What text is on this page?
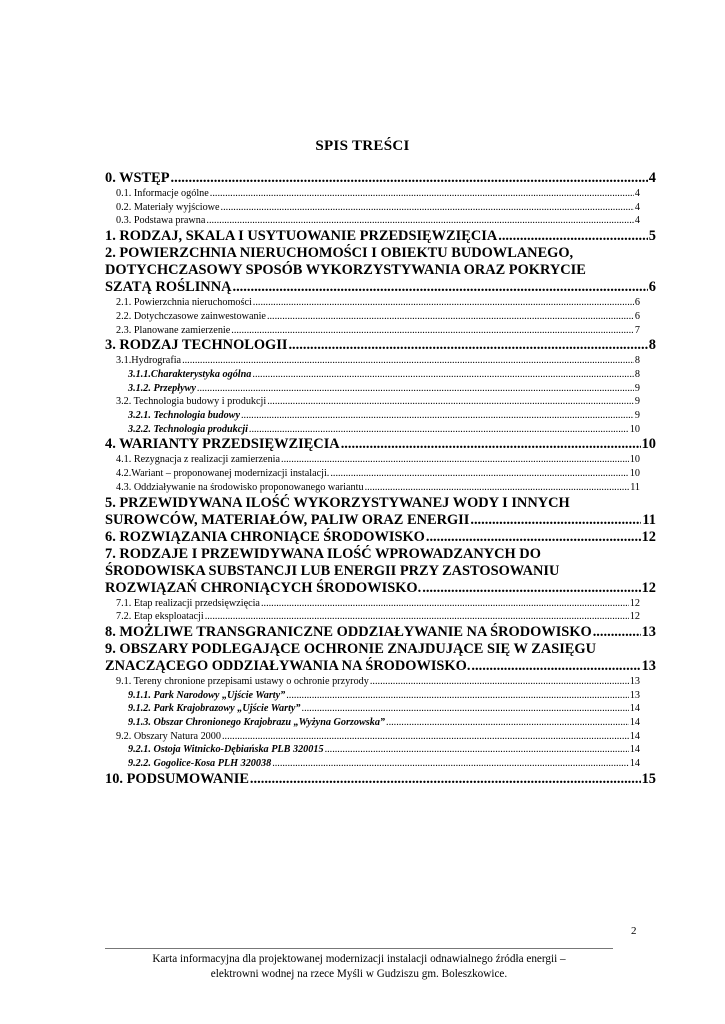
SPIS TREŚCI
0. WSTĘP .....	4
0.1. Informacje ogólne .....	4
0.2. Materiały wyjściowe .....	4
0.3. Podstawa prawna .....	4
1. RODZAJ, SKALA I USYTUOWANIE PRZEDSIĘWZIĘCIA .....	5
2. POWIERZCHNIA NIERUCHOMOŚCI I OBIEKTU BUDOWLANEGO,
DOTYCHCZASOWY SPOSÓB WYKORZYSTYWANIA ORAZ POKRYCIE
SZATĄ ROŚLINNĄ .....	6
2.1. Powierzchnia nieruchomości .....	6
2.2. Dotychczasowe zainwestowanie .....	6
2.3. Planowane zamierzenie .....	7
3. RODZAJ TECHNOLOGII .....	8
3.1.Hydrografia .....	8
3.1.1.Charakterystyka ogólna .....	8
3.1.2. Przepływy .....	9
3.2. Technologia budowy i produkcji .....	9
3.2.1. Technologia budowy .....	9
3.2.2. Technologia produkcji .....	10
4. WARIANTY PRZEDSIĘWZIĘCIA .....	10
4.1. Rezygnacja z realizacji zamierzenia .....	10
4.2.Wariant – proponowanej modernizacji instalacji. .....	10
4.3. Oddziaływanie na środowisko proponowanego wariantu .....	11
5. PRZEWIDYWANA ILOŚĆ WYKORZYSTYWANEJ WODY I INNYCH
SUROWCÓW, MATERIAŁÓW, PALIW ORAZ ENERGII .....	11
6. ROZWIĄZANIA CHRONIĄCE ŚRODOWISKO .....	12
7. RODZAJE I PRZEWIDYWANA ILOŚĆ WPROWADZANYCH DO
ŚRODOWISKA SUBSTANCJI LUB ENERGII PRZY ZASTOSOWANIU
ROZWIĄZAŃ CHRONIĄCYCH ŚRODOWISKO. .....	12
7.1. Etap realizacji przedsięwzięcia .....	12
7.2. Etap eksploatacji .....	12
8. MOŻLIWE TRANSGRANICZNE ODDZIAŁYWANIE NA ŚRODOWISKO .....	13
9. OBSZARY PODLEGAJĄCE OCHRONIE ZNAJDUJĄCE SIĘ W ZASIĘGU
ZNACZĄCEGO ODDZIAŁYWANIA NA ŚRODOWISKO. .....	13
9.1. Tereny chronione przepisami ustawy o ochronie przyrody .....	13
9.1.1. Park Narodowy „Ujście Warty” .....	13
9.1.2. Park Krajobrazowy „Ujście Warty” .....	14
9.1.3. Obszar Chronionego Krajobrazu „Wyżyna Gorzowska” .....	14
9.2. Obszary Natura 2000 .....	14
9.2.1. Ostoja Witnicko-Dębiańska PLB 320015 .....	14
9.2.2. Gogolice-Kosa PLH 320038 .....	14
10. PODSUMOWANIE .....	15
2
Karta informacyjna dla projektowanej modernizacji instalacji odnawialnego źródła energii –
elektrowni wodnej na rzece Myśli w Gudziszu gm. Boleszkowice.
